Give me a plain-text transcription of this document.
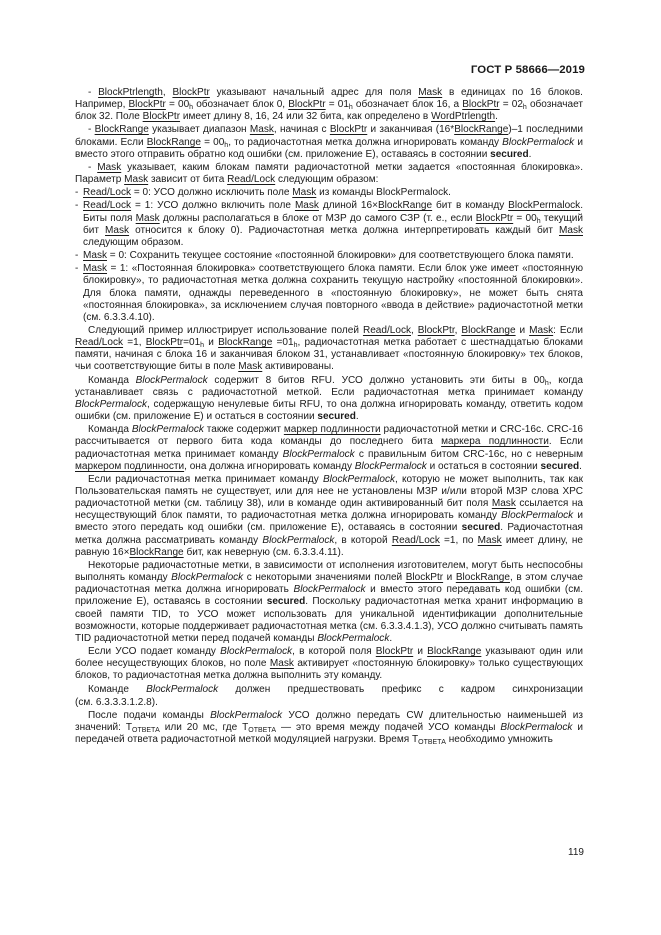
ГОСТ Р 58666—2019

- BlockPtrlength, BlockPtr указывают начальный адрес для поля Mask в единицах по 16 блоков. Например, BlockPtr = $00_h$ обозначает блок 0, BlockPtr = $01_h$ обозначает блок 16, а BlockPtr = $02_h$ обозначает блок 32. Поле BlockPtr имеет длину 8, 16, 24 или 32 бита, как определено в WordPtrlength.

- BlockRange указывает диапазон Mask, начиная с BlockPtr и заканчивая (16*BlockRange)–1 последними блоками. Если BlockRange = $00_h$, то радиочастотная метка должна игнорировать команду BlockPermalock и вместо этого отправить обратно код ошибки (см. приложение Е), оставаясь в состоянии secured.

- Mask указывает, каким блокам памяти радиочастотной метки задается «постоянная блокировка». Параметр Mask зависит от бита Read/Lock следующим образом:

- Read/Lock = 0: УСО должно исключить поле Mask из команды BlockPermalock.
- Read/Lock = 1: УСО должно включить поле Mask длиной 16×BlockRange бит в команду BlockPermalock. Биты поля Mask должны располагаться в блоке от МЗР до самого СЗР (т. е., если BlockPtr = $00_h$ текущий бит Mask относится к блоку 0). Радиочастотная метка должна интерпретировать каждый бит Mask следующим образом.
- Mask = 0: Сохранить текущее состояние «постоянной блокировки» для соответствующего блока памяти.
- Mask = 1: «Постоянная блокировка» соответствующего блока памяти. Если блок уже имеет «постоянную блокировку», то радиочастотная метка должна сохранить текущую настройку «постоянной блокировки». Для блока памяти, однажды переведенного в «постоянную блокировку», не может быть снята «постоянная блокировка», за исключением случая повторного «ввода в действие» радиочастотной метки (см. 6.3.3.4.10).

Следующий пример иллюстрирует использование полей Read/Lock, BlockPtr, BlockRange и Mask: Если Read/Lock =1, $BlockPtr=01_h$ и BlockRange $=01_h$, радиочастотная метка работает с шестнадцатью блоками памяти, начиная с блока 16 и заканчивая блоком 31, устанавливает «постоянную блокировку» тех блоков, чьи соответствующие биты в поле Mask активированы.

Команда BlockPermalock содержит 8 битов RFU. УСО должно установить эти биты в $00_h$, когда устанавливает связь с радиочастотной меткой. Если радиочастотная метка принимает команду BlockPermalock, содержащую ненулевые биты RFU, то она должна игнорировать команду, ответить кодом ошибки (см. приложение Е) и остаться в состоянии secured.

Команда BlockPermalock также содержит маркер подлинности радиочастотной метки и CRC-16c. CRC-16 рассчитывается от первого бита кода команды до последнего бита маркера подлинности. Если радиочастотная метка принимает команду BlockPermalock с правильным битом CRC-16c, но с неверным маркером подлинности, она должна игнорировать команду BlockPermalock и остаться в состоянии secured.

Если радиочастотная метка принимает команду BlockPermalock, которую не может выполнить, так как Пользовательская память не существует, или для нее не установлены МЗР и/или второй МЗР слова ХРС радиочастотной метки (см. таблицу 38), или в команде один активированный бит поля Mask ссылается на несуществующий блок памяти, то радиочастотная метка должна игнорировать команду BlockPermalock и вместо этого передать код ошибки (см. приложение Е), оставаясь в состоянии secured. Радиочастотная метка должна рассматривать команду BlockPermalock, в которой Read/Lock =1, по Mask имеет длину, не равную 16×BlockRange бит, как неверную (см. 6.3.3.4.11).

Некоторые радиочастотные метки, в зависимости от исполнения изготовителем, могут быть неспособны выполнять команду BlockPermalock с некоторыми значениями полей BlockPtr и BlockRange, в этом случае радиочастотная метка должна игнорировать BlockPermalock и вместо этого передавать код ошибки (см. приложение Е), оставаясь в состоянии secured. Поскольку радиочастотная метка хранит информацию в своей памяти TID, то УСО может использовать для уникальной идентификации дополнительные возможности, которые поддерживает радиочастотная метка (см. 6.3.3.4.1.3), УСО должно считывать память TID радиочастотной метки перед подачей команды BlockPermalock.

Если УСО подает команду BlockPermalock, в которой поля BlockPtr и BlockRange указывают один или более несуществующих блоков, но поле Mask активирует «постоянную блокировку» только существующих блоков, то радиочастотная метка должна выполнить эту команду.

Команде    BlockPermalock    должен    предшествовать    префикс    с    кадром    синхронизации

(см. 6.3.3.3.1.2.8).

После подачи команды BlockPermalock УСО должно передать CW длительностью наименьшей из значений: $T_{ОТВЕТА}$ или 20 мс, где $T_{ОТВЕТА}$ — это время между подачей УСО команды BlockPermalock и передачей ответа радиочастотной меткой модуляцией нагрузки. Время $T_{ОТВЕТА}$ необходимо умножить

119
